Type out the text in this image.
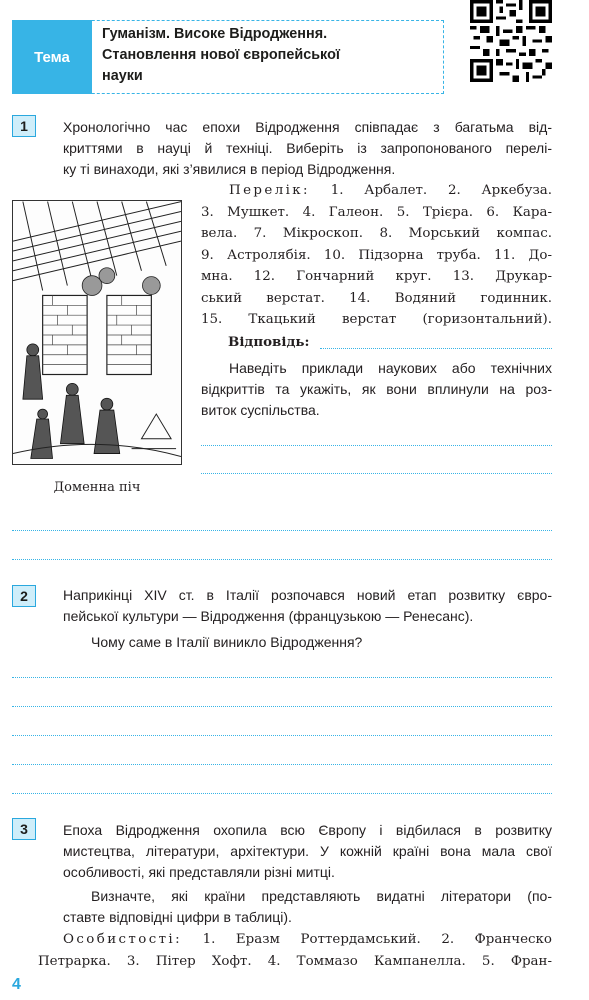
Тема
Гуманізм. Високе Відродження.
Становлення нової європейської
науки
1	Хронологічно час епохи Відродження співпадає з багатьма від-
криттями в науці й техніці. Виберіть із запропонованого перелі-
ку ті винаходи, які з’явилися в період Відродження.
Доменна піч
Перелік: 1. Арбалет. 2. Аркебуза.
3. Мушкет. 4. Галеон. 5. Трієра. 6. Кара-
вела. 7. Мікроскоп. 8. Морський компас.
9. Астролябія. 10. Підзорна труба. 11. До-
мна. 12. Гончарний круг. 13. Друкар-
ський верстат. 14. Водяний годинник.
15. Ткацький верстат (горизонтальний).
Відповідь:
Наведіть приклади наукових або технічних
відкриттів та укажіть, як вони вплинули на роз-
виток суспільства.
2	Наприкінці XIV ст. в Італії розпочався новий етап розвитку євро-
пейської культури — Відродження (французькою — Ренесанс).
Чому саме в Італії виникло Відродження?
3	Епоха Відродження охопила всю Європу і відбилася в розвитку
мистецтва, літератури, архітектури. У кожній країні вона мала свої
особливості, які представляли різні митці.
Визначте, які країни представляють видатні літератори (по-
ставте відповідні цифри в таблиці).
Особистості: 1. Еразм Роттердамський. 2. Франческо
Петрарка. 3. Пітер Хофт. 4. Томмазо Кампанелла. 5. Фран-
4
